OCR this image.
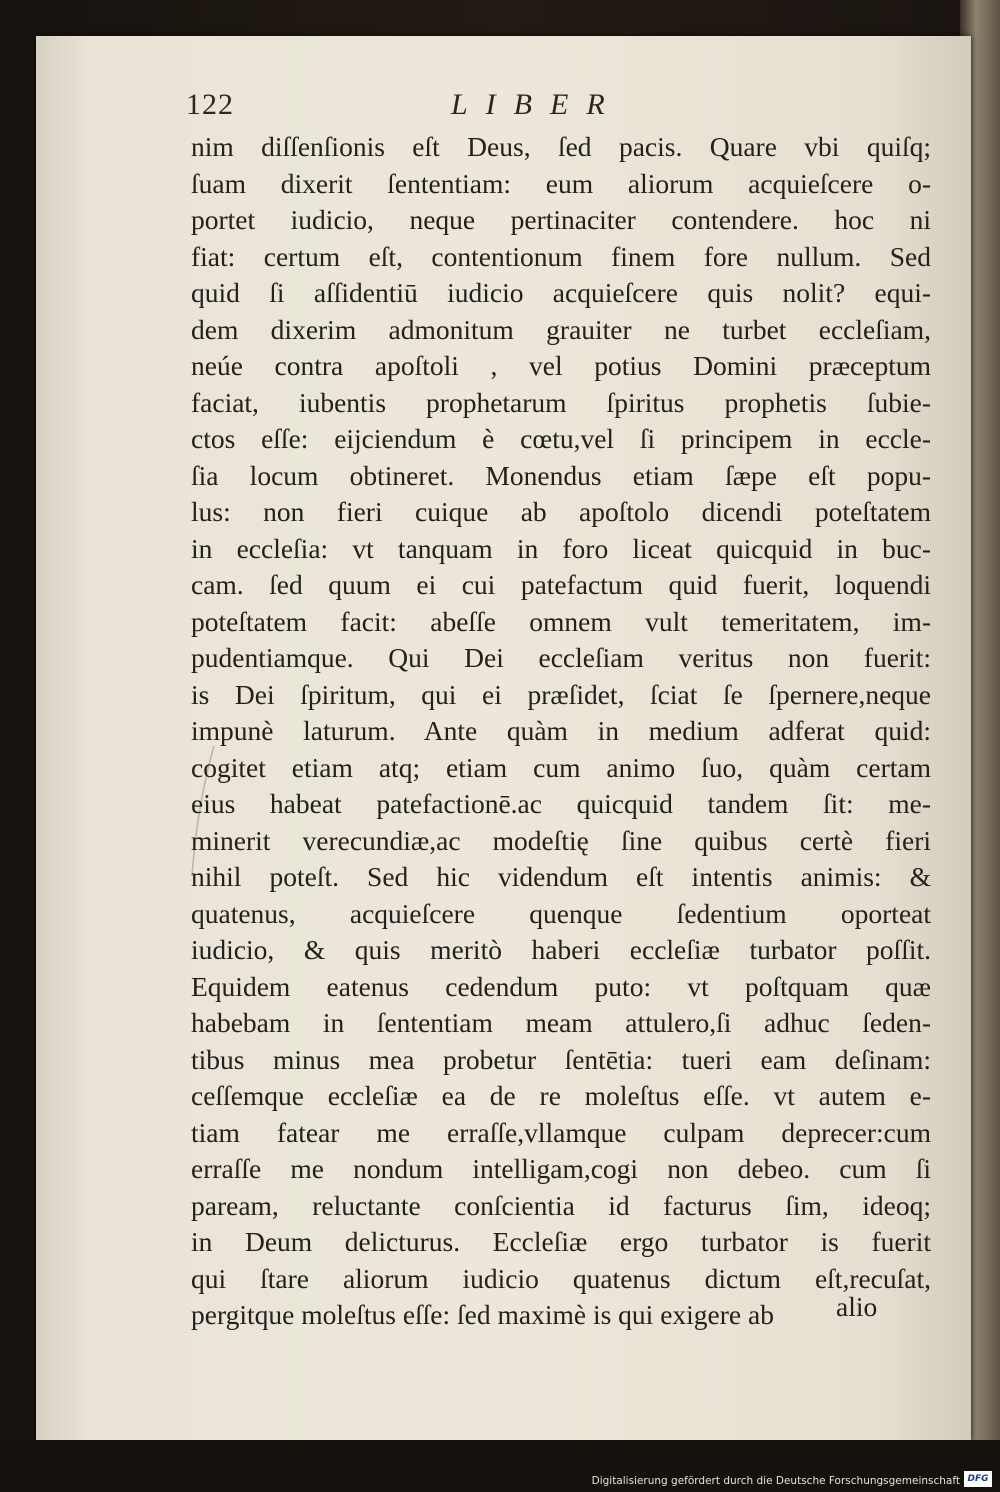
122	LIBER
nim diſſenſionis eſt Deus, ſed pacis. Quare vbi quiſq;
ſuam dixerit ſententiam: eum aliorum acquieſcere o-
portet iudicio, neque pertinaciter contendere. hoc ni
fiat: certum eſt, contentionum finem fore nullum. Sed
quid ſi aſſidentiū iudicio acquieſcere quis nolit? equi-
dem dixerim admonitum grauiter ne turbet eccleſiam,
neúe contra apoſtoli , vel potius Domini præceptum
faciat, iubentis prophetarum ſpiritus prophetis ſubie-
ctos eſſe: eijciendum è cœtu,vel ſi principem in eccle-
ſia locum obtineret. Monendus etiam ſæpe eſt popu-
lus: non fieri cuique ab apoſtolo dicendi poteſtatem
in eccleſia: vt tanquam in foro liceat quicquid in buc-
cam. ſed quum ei cui patefactum quid fuerit, loquendi
poteſtatem facit: abeſſe omnem vult temeritatem, im-
pudentiamque. Qui Dei eccleſiam veritus non fuerit:
is Dei ſpiritum, qui ei præſidet, ſciat ſe ſpernere,neque
impunè laturum. Ante quàm in medium adferat quid:
cogitet etiam atq; etiam cum animo ſuo, quàm certam
eius habeat patefactionē.ac quicquid tandem ſit: me-
minerit verecundiæ,ac modeſtię ſine quibus certè fieri
nihil poteſt. Sed hic videndum eſt intentis animis: &
quatenus, acquieſcere quenque ſedentium oporteat
iudicio, & quis meritò haberi eccleſiæ turbator poſſit.
Equidem eatenus cedendum puto: vt poſtquam quæ
habebam in ſententiam meam attulero,ſi adhuc ſeden-
tibus minus mea probetur ſentētia: tueri eam deſinam:
ceſſemque eccleſiæ ea de re moleſtus eſſe. vt autem e-
tiam fatear me erraſſe,vllamque culpam deprecer:cum
erraſſe me nondum intelligam,cogi non debeo. cum ſi
paream, reluctante conſcientia id facturus ſim, ideoq;
in Deum delicturus. Eccleſiæ ergo turbator is fuerit
qui ſtare aliorum iudicio quatenus dictum eſt,recuſat,
pergitque moleſtus eſſe: ſed maximè is qui exigere ab	alio
Digitalisierung gefördert durch die Deutsche Forschungsgemeinschaft DFG
